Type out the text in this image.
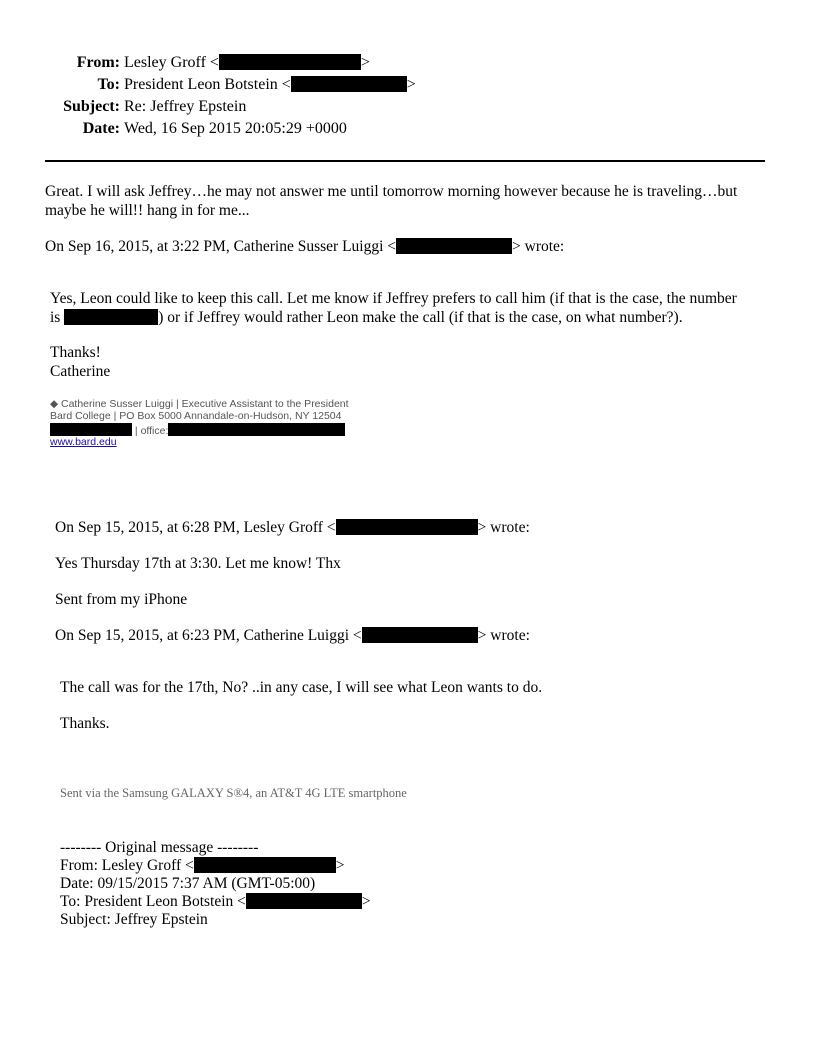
From: Lesley Groff <	>
To: President Leon Botstein <	>
Subject: Re: Jeffrey Epstein
Date: Wed, 16 Sep 2015 20:05:29 +0000
Great. I will ask Jeffrey…he may not answer me until tomorrow morning however because he is traveling…but
maybe he will!! hang in for me...
On Sep 16, 2015, at 3:22 PM, Catherine Susser Luiggi <	> wrote:
Yes, Leon could like to keep this call. Let me know if Jeffrey prefers to call him (if that is the case, the number
is	) or if Jeffrey would rather Leon make the call (if that is the case, on what number?).
Thanks!
Catherine
◆ Catherine Susser Luiggi | Executive Assistant to the President
Bard College | PO Box 5000 Annandale-on-Hudson, NY 12504
| office:
www.bard.edu
On Sep 15, 2015, at 6:28 PM, Lesley Groff <	> wrote:
Yes Thursday 17th at 3:30. Let me know! Thx
Sent from my iPhone
On Sep 15, 2015, at 6:23 PM, Catherine Luiggi <	> wrote:
The call was for the 17th, No? ..in any case, I will see what Leon wants to do.
Thanks.
Sent via the Samsung GALAXY S®4, an AT&T 4G LTE smartphone
-------- Original message --------
From: Lesley Groff <	>
Date: 09/15/2015 7:37 AM (GMT-05:00)
To: President Leon Botstein <	>
Subject: Jeffrey Epstein
